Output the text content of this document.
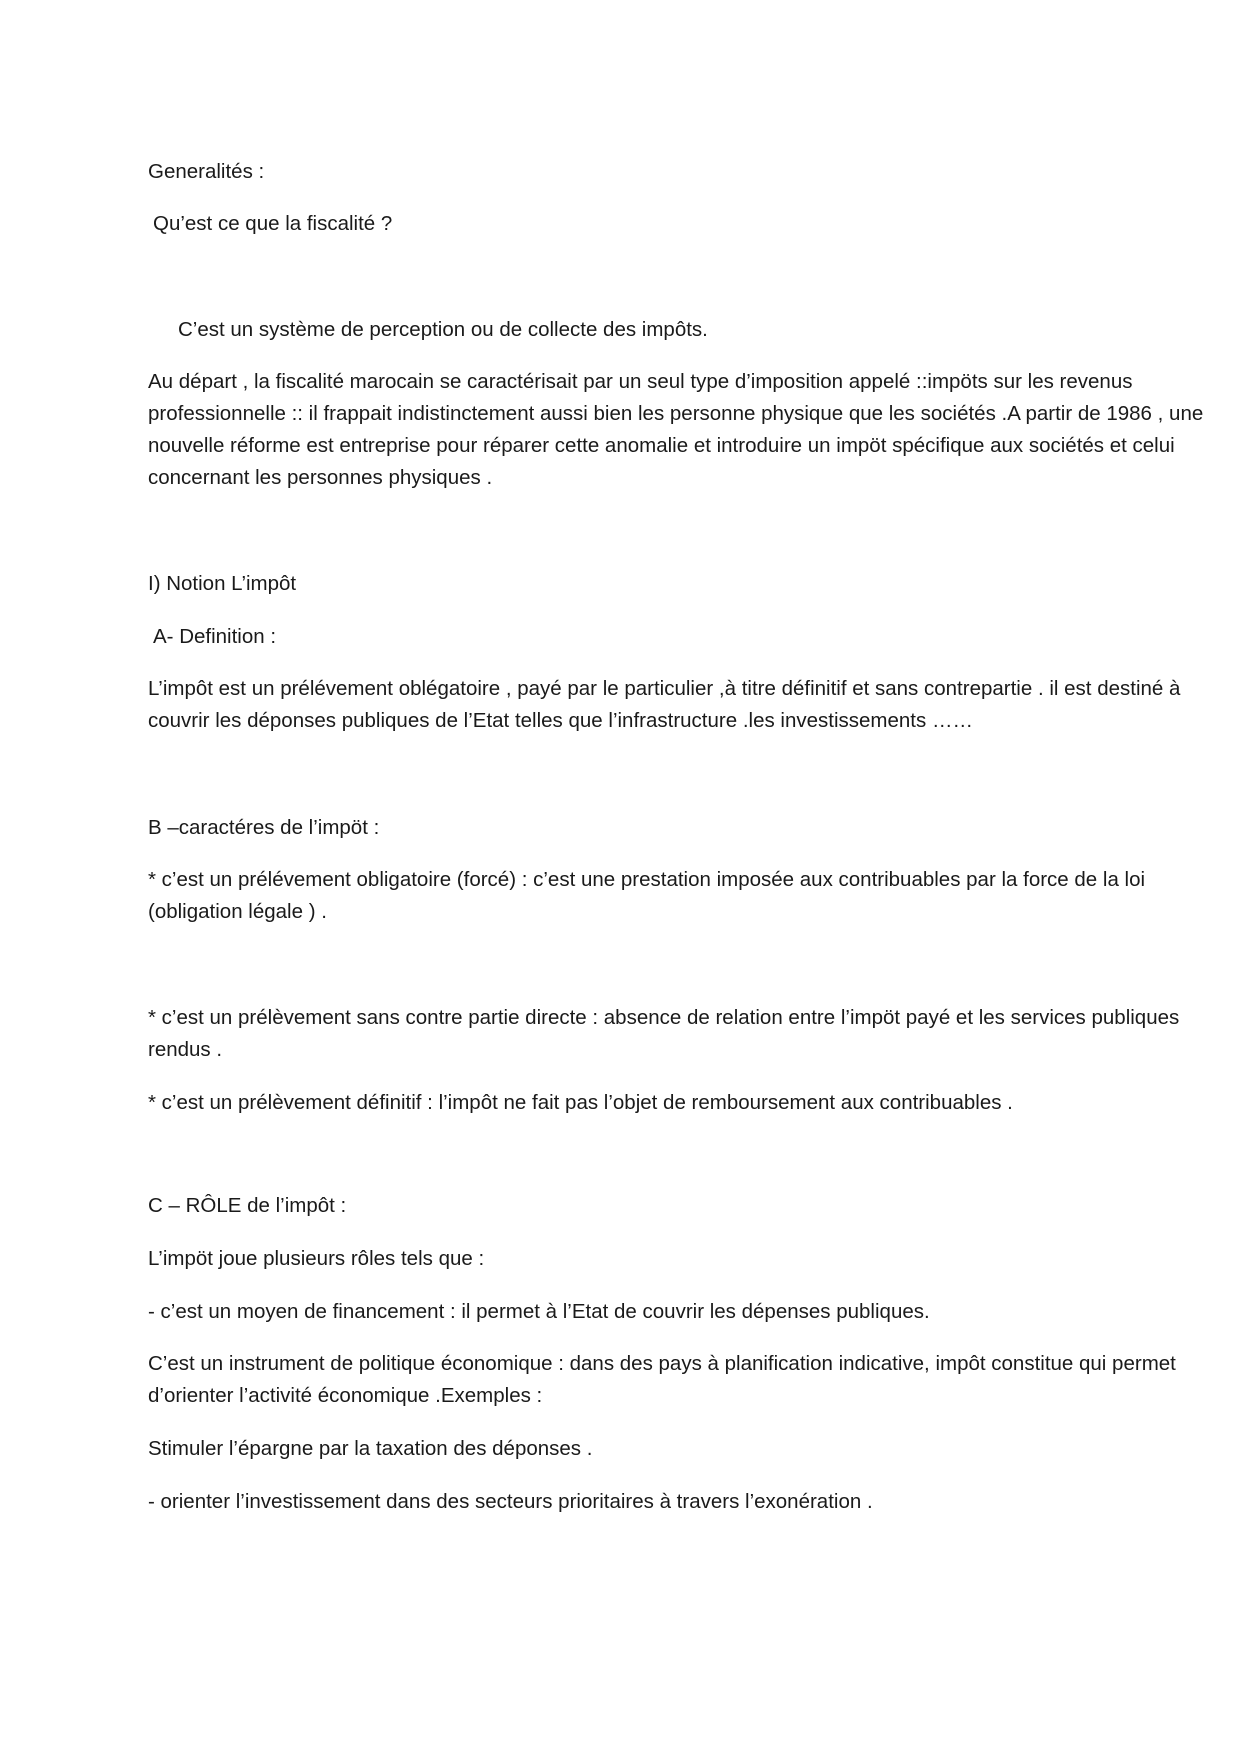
Generalités :

Qu’est ce que la fiscalité ?

C’est un système de perception ou de collecte des impôts.

Au départ , la fiscalité marocain se caractérisait par un seul type d’imposition appelé ::impöts sur les revenus professionnelle :: il frappait indistinctement aussi bien les personne physique que les sociétés .A partir de 1986 , une nouvelle réforme est entreprise pour réparer cette anomalie et introduire un impöt spécifique aux sociétés et celui concernant les personnes physiques .

I) Notion L’impôt

A- Definition :

L’impôt est un prélévement oblégatoire , payé par le particulier ,à titre définitif et sans contrepartie . il est destiné à couvrir les déponses publiques de l’Etat telles que l’infrastructure .les investissements ……

B –caractéres de l’impöt :

* c’est un prélévement obligatoire (forcé) : c’est une prestation imposée aux contribuables par la force de la loi (obligation légale ) .

* c’est un prélèvement sans contre partie directe : absence de relation entre l’impöt payé et les services publiques rendus .

* c’est un prélèvement définitif : l’impôt ne fait pas l’objet de remboursement aux contribuables .

C – RÔLE de l’impôt :

L’impöt joue plusieurs rôles tels que :

- c’est un moyen de financement : il permet à l’Etat de couvrir les dépenses publiques.

C’est un instrument de politique économique : dans des pays à planification indicative, impôt constitue qui permet d’orienter l’activité économique .Exemples :

Stimuler l’épargne par la taxation des déponses .

- orienter l’investissement dans des secteurs prioritaires à travers l’exonération .
